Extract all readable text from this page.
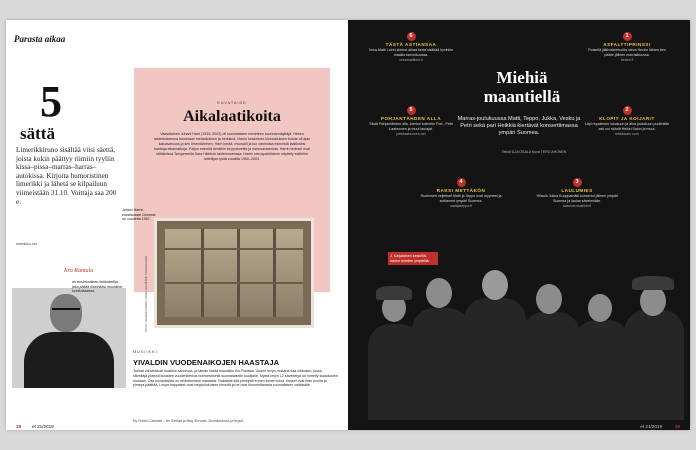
Parasta aikaa
5
sättä
Limerikkiruno sisältää viisi säettä, joista kukin päättyy riimiin tyyliin kissa–pissa–marras–harras–autokissa. Kirjoita humoristinen limerikki ja lähetä se kilpailuun viimeistään 31.10. Voittaja saa 200 e.
iammikuu.net
KUVATAIDE
Aikalaatikoita
Vaasalainen Juhani Harri (1939–2003) oli suomalaisen esineteen suunnannäyttäjä. Hänen taideteoksensa tunnetaan melankolisen ja herkkinä. Harrin keskeinen kiinnostuksen kohde oli ajan katoavaisuus ja sen ilmentäminen. Harri kerää, muovaili ja luo vanhoista esineistä laatikoiksi koottuja aikamatkoja. Paljon esineitä kerättiin kirpputoreilta ja romuvarastoista. Harrin teokset ovat nähtävissä Tampereella Sara Hildénin taidemuseossa. Harrin retrospektiivinen näyttely esittelee taiteilijan työtä vuosilta 1960–2003.
Juhani Harrin esinekoaste Genesis on vuodelta 1967.
KUVA: JUHANI HARRI / SARA HILDÉNIN TAIDEMUSEO
Iiro Rantala
on ensimmäinen kotikokeilija, joka pistää oikeinkäsi muusikon sovitustaanna.
MUSIIKKI
YIVALDIN VUODENAIKOJEN HAASTAJA
Tarinat vahvistavat musiikin sanomaa, ja tämän tietää muusikko Iiro Rantala. Uuden levyn mukana saa vihkosen, jossa säveltäjä-pianisti kuvailee vuodenkiertoa humoristisesti suomalaiselle kuulijalle. Mystä levyn 12 säveltetyä on nimetty kuukausien mukaan. Osa kuvauksista on ehdottomasti maaraksi. Rakastat sitä pimeyttä ennen lumen tuloa. Ilmiset ovat ihan puolla ja pimeys päättää. Levyn kappaleet ovat helppolukuisen keveitä ja ne ovat kuunneltavissa suomalaisen valittaville.
My Finnish Calendar – Iiro Rantala ja Berg Riccardo. Suoratoistossa ja levynä.
18 et 21/2019
Miehiä maantiellä
Marras-joulukuussa Matti, Teppo, Jukka, Vesku ja Petri sekä pari Heikkiä kiertävät konserttimassa ympäri Suomea.
Teksti ILJA OSALA Kuva TERO AHONEN
6
TÄSTÄ ASTIANSAA
Vesa-Matti Loirin kiertue alkaa kerta sisältää hyvinkin maaliin tammikuussa.
vesamattiloiri.fi
1
ASFALTTIPRINSSI
Ruisellä jälkiviskiertuella oleva Hector lähtee tien päälle jälleen marraskuussa.
hector.fi
5
POHJANTÄHDEN ALLA
Tästä Pohjantähden alla -kiertue kolmelle Pori-, Petri Laaksonen ja muut laulajat.
petrilaaksonen.net
2
KLOPIT JA KOIJARIT
Läpi repaleisen lokakuun ja aina joulukuun puoliväliin asti voi nähdä Heikki Salon ja muut.
heikkisalo.com
4
RAKSI METTÄKÖN
Ruohosen veljekset Matti ja Teppo ovat myyneet ja soittaneet ympäri Suomea.
mattijateppo.fi
3
LAULUMIES
Ylilaulo Jukka Kuoppamäki konsertoi jälleen ympäri Suomea ja laulaa sävelmiään.
scannermusiikki.fi
J. Karjalainen keskellä, hänen ilmeilee ympärillä.
19
et 21/2019
